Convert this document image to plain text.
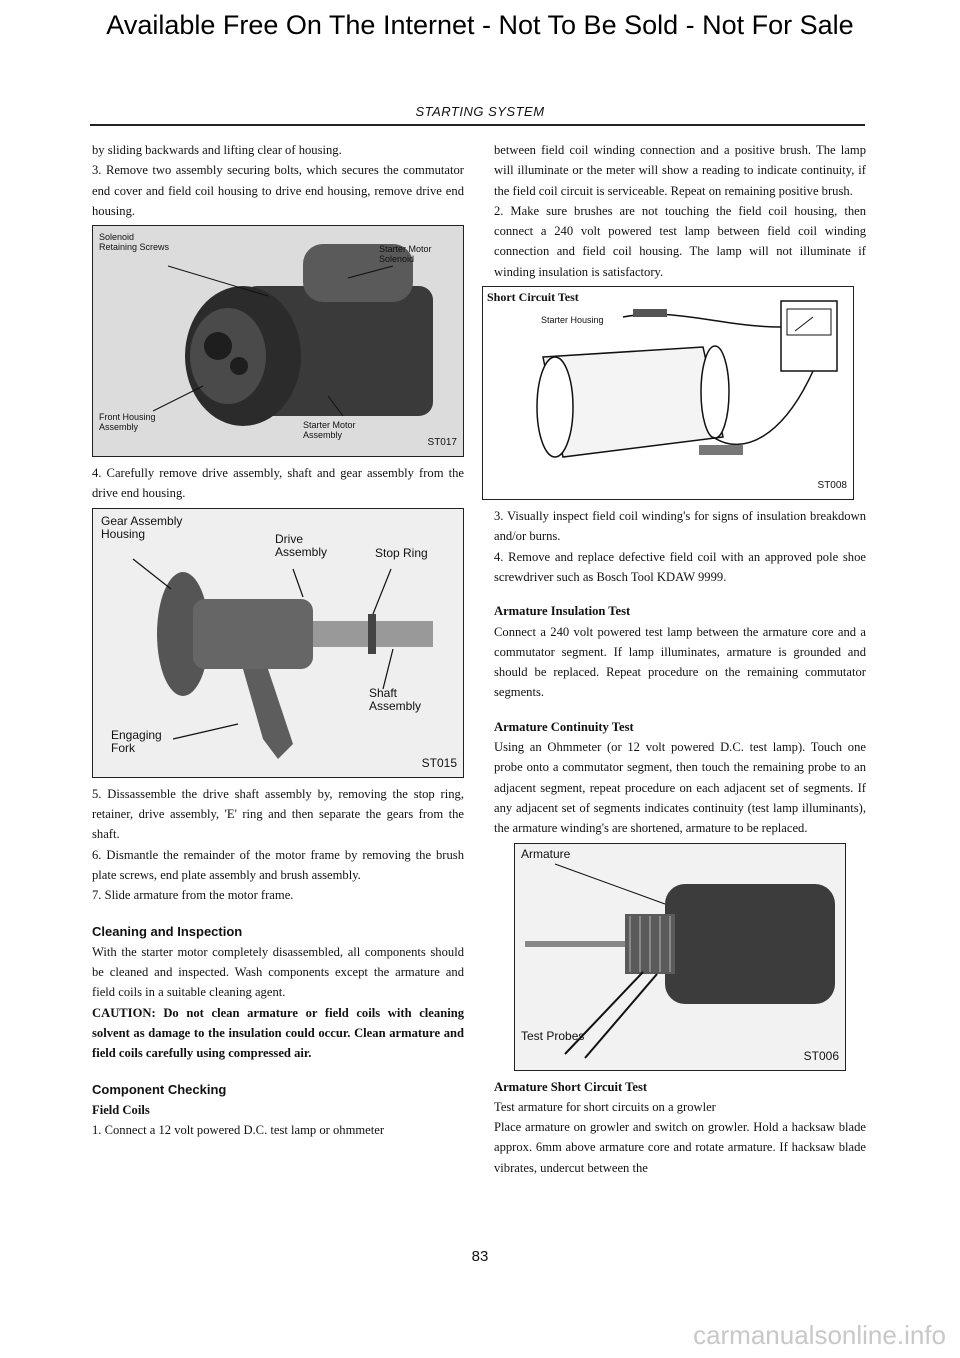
Available Free On The Internet - Not To Be Sold - Not For Sale
STARTING SYSTEM

by sliding backwards and lifting clear of housing.

3. Remove two assembly securing bolts, which secures the commutator end cover and field coil housing to drive end housing, remove drive end housing.

Solenoid
Retaining Screws	Starter Motor
Solenoid
Front Housing
Assembly	Starter Motor
Assembly
ST017

4. Carefully remove drive assembly, shaft and gear assembly from the drive end housing.

Gear Assembly
Housing	Drive
Assembly	Stop Ring
Shaft
Assembly
Engaging
Fork
ST015

5. Dissassemble the drive shaft assembly by, removing the stop ring, retainer, drive assembly, 'E' ring and then separate the gears from the shaft.

6. Dismantle the remainder of the motor frame by removing the brush plate screws, end plate assembly and brush assembly.

7. Slide armature from the motor frame.

Cleaning and Inspection

With the starter motor completely disassembled, all components should be cleaned and inspected. Wash components except the armature and field coils in a suitable cleaning agent.

CAUTION: Do not clean armature or field coils with cleaning solvent as damage to the insulation could occur. Clean armature and field coils carefully using compressed air.

Component Checking

Field Coils

1. Connect a 12 volt powered D.C. test lamp or ohmmeter

between field coil winding connection and a positive brush. The lamp will illuminate or the meter will show a reading to indicate continuity, if the field coil circuit is serviceable. Repeat on remaining positive brush.

2. Make sure brushes are not touching the field coil housing, then connect a 240 volt powered test lamp between field coil winding connection and field coil housing. The lamp will not illuminate if winding insulation is satisfactory.

Short Circuit Test
Starter Housing
ST008

3. Visually inspect field coil winding's for signs of insulation breakdown and/or burns.

4. Remove and replace defective field coil with an approved pole shoe screwdriver such as Bosch Tool KDAW 9999.

Armature Insulation Test

Connect a 240 volt powered test lamp between the armature core and a commutator segment. If lamp illuminates, armature is grounded and should be replaced. Repeat procedure on the remaining commutator segments.

Armature Continuity Test

Using an Ohmmeter (or 12 volt powered D.C. test lamp). Touch one probe onto a commutator segment, then touch the remaining probe to an adjacent segment, repeat procedure on each adjacent set of segments. If any adjacent set of segments indicates continuity (test lamp illuminants), the armature winding's are shortened, armature to be replaced.

Armature
Test Probes
ST006

Armature Short Circuit Test

Test armature for short circuits on a growler

Place armature on growler and switch on growler. Hold a hacksaw blade approx. 6mm above armature core and rotate armature. If hacksaw blade vibrates, undercut between the

83
carmanualsonline.info
